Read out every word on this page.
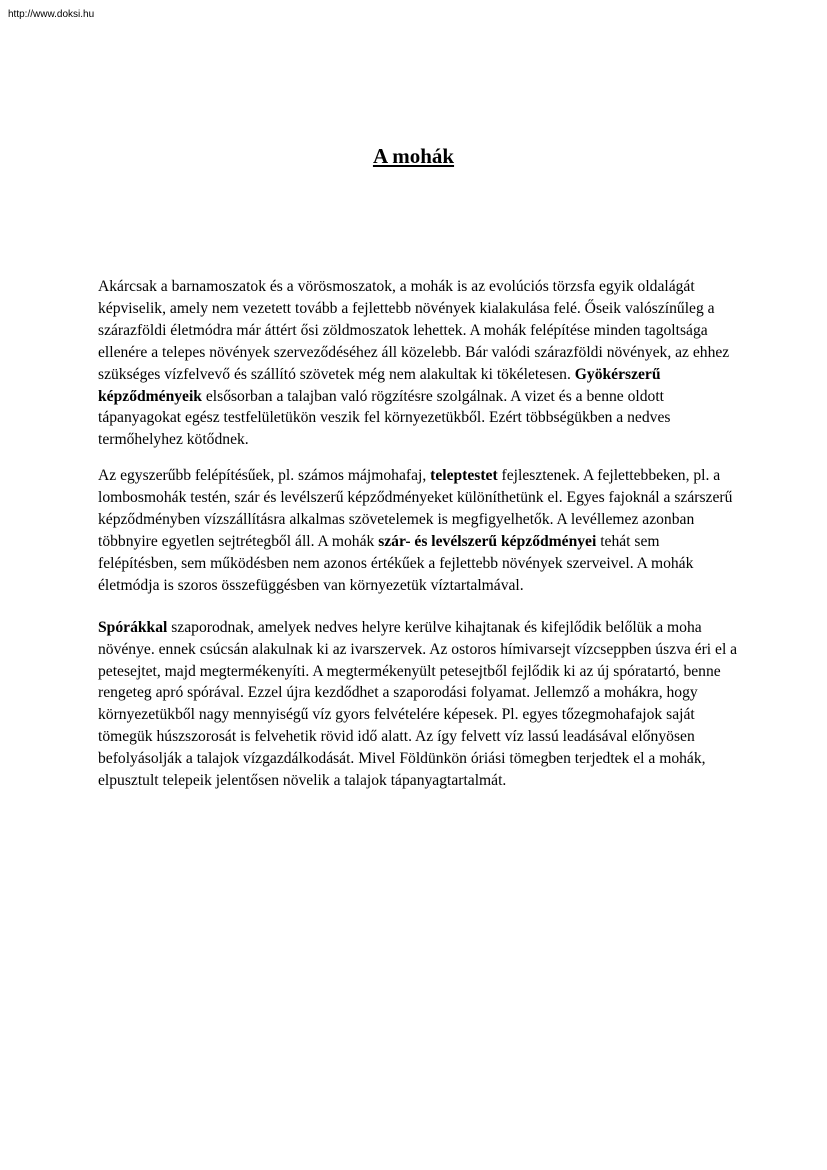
http://www.doksi.hu
A mohák

Akárcsak a barnamoszatok és a vörösmoszatok, a mohák is az evolúciós törzsfa egyik oldalágát képviselik, amely nem vezetett tovább a fejlettebb növények kialakulása felé. Őseik valószínűleg a szárazföldi életmódra már áttért ősi zöldmoszatok lehettek. A mohák felépítése minden tagoltsága ellenére a telepes növények szerveződéséhez áll közelebb. Bár valódi szárazföldi növények, az ehhez szükséges vízfelvevő és szállító szövetek még nem alakultak ki tökéletesen. Gyökérszerű képződményeik elsősorban a talajban való rögzítésre szolgálnak. A vizet és a benne oldott tápanyagokat egész testfelületükön veszik fel környezetükből. Ezért többségükben a nedves termőhelyhez kötődnek.

Az egyszerűbb felépítésűek, pl. számos májmohafaj, teleptestet fejlesztenek. A fejlettebbeken, pl. a lombosmohák testén, szár és levélszerű képződményeket különíthetünk el. Egyes fajoknál a szárszerű képződményben vízszállításra alkalmas szövetelemek is megfigyelhetők. A levéllemez azonban többnyire egyetlen sejtrétegből áll. A mohák szár- és levélszerű képződményei tehát sem felépítésben, sem működésben nem azonos értékűek a fejlettebb növények szerveivel. A mohák életmódja is szoros összefüggésben van környezetük víztartalmával.

Spórákkal szaporodnak, amelyek nedves helyre kerülve kihajtanak és kifejlődik belőlük a moha növénye. ennek csúcsán alakulnak ki az ivarszervek. Az ostoros hímivarsejt vízcseppben úszva éri el a petesejtet, majd megtermékenyíti. A megtermékenyült petesejtből fejlődik ki az új spóratartó, benne rengeteg apró spórával. Ezzel újra kezdődhet a szaporodási folyamat. Jellemző a mohákra, hogy környezetükből nagy mennyiségű víz gyors felvételére képesek. Pl. egyes tőzegmohafajok saját tömegük húszszorosát is felvehetik rövid idő alatt. Az így felvett víz lassú leadásával előnyösen befolyásolják a talajok vízgazdálkodását. Mivel Földünkön óriási tömegben terjedtek el a mohák, elpusztult telepeik jelentősen növelik a talajok tápanyagtartalmát.
